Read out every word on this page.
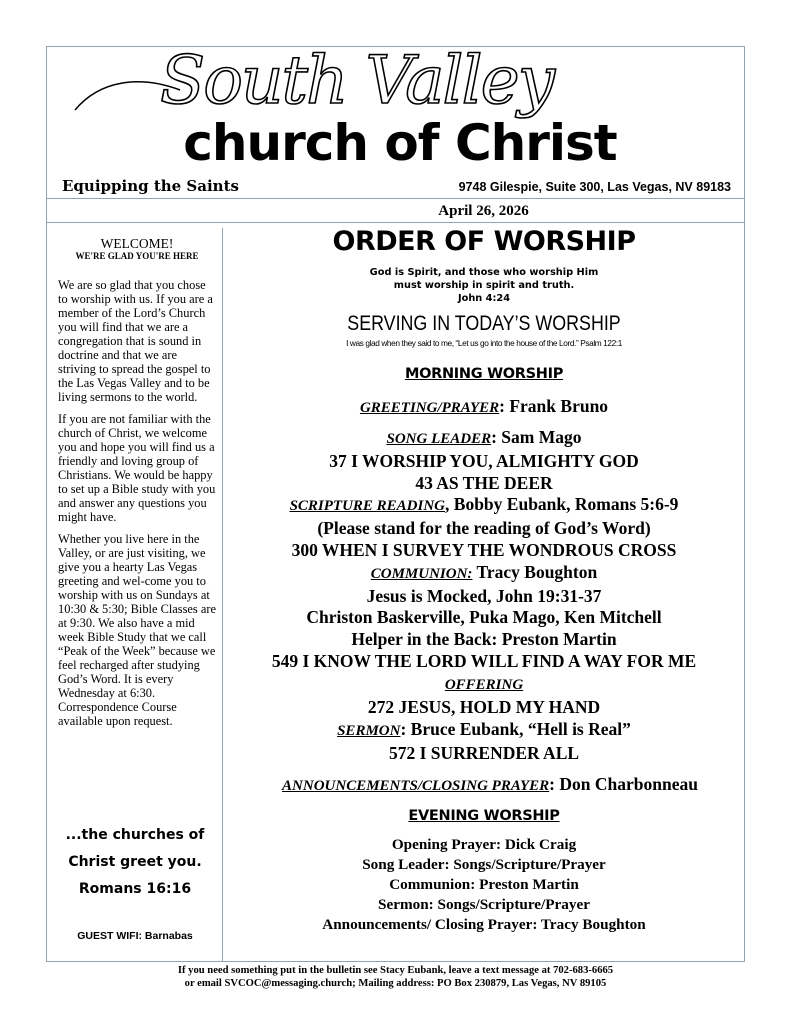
South Valley
church of Christ
Equipping the Saints	9748 Gilespie, Suite 300, Las Vegas, NV 89183
April 26, 2026
WELCOME!
WE'RE GLAD YOU'RE HERE

We are so glad that you chose to worship with us. If you are a member of the Lord’s Church you will find that we are a congregation that is sound in doctrine and that we are striving to spread the gospel to the Las Vegas Valley and to be living sermons to the world.

If you are not familiar with the church of Christ, we welcome you and hope you will find us a friendly and loving group of Christians. We would be happy to set up a Bible study with you and answer any questions you might have.

Whether you live here in the Valley, or are just visiting, we give you a hearty Las Vegas greeting and wel-come you to worship with us on Sundays at 10:30 & 5:30; Bible Classes are at 9:30. We also have a mid week Bible Study that we call “Peak of the Week” because we feel recharged after studying God’s Word. It is every Wednesday at 6:30.

Correspondence Course available upon request.

...the churches of
Christ greet you.
Romans 16:16
GUEST WIFI: Barnabas
ORDER OF WORSHIP
God is Spirit, and those who worship Him
must worship in spirit and truth.
John 4:24
SERVING IN TODAY’S WORSHIP
I was glad when they said to me, “Let us go into the house of the Lord.” Psalm 122:1
MORNING WORSHIP
GREETING/PRAYER: Frank Bruno
SONG LEADER: Sam Mago
37 I WORSHIP YOU, ALMIGHTY GOD
43 AS THE DEER
SCRIPTURE READING, Bobby Eubank, Romans 5:6-9
(Please stand for the reading of God’s Word)
300 WHEN I SURVEY THE WONDROUS CROSS
COMMUNION: Tracy Boughton
Jesus is Mocked, John 19:31-37
Christon Baskerville, Puka Mago, Ken Mitchell
Helper in the Back: Preston Martin
549 I KNOW THE LORD WILL FIND A WAY FOR ME
OFFERING
272 JESUS, HOLD MY HAND
SERMON: Bruce Eubank, “Hell is Real”
572 I SURRENDER ALL
ANNOUNCEMENTS/CLOSING PRAYER: Don Charbonneau
EVENING WORSHIP
Opening Prayer: Dick Craig
Song Leader: Songs/Scripture/Prayer
Communion: Preston Martin
Sermon: Songs/Scripture/Prayer
Announcements/ Closing Prayer: Tracy Boughton
If you need something put in the bulletin see Stacy Eubank, leave a text message at 702-683-6665
or email SVCOC@messaging.church; Mailing address: PO Box 230879, Las Vegas, NV 89105
